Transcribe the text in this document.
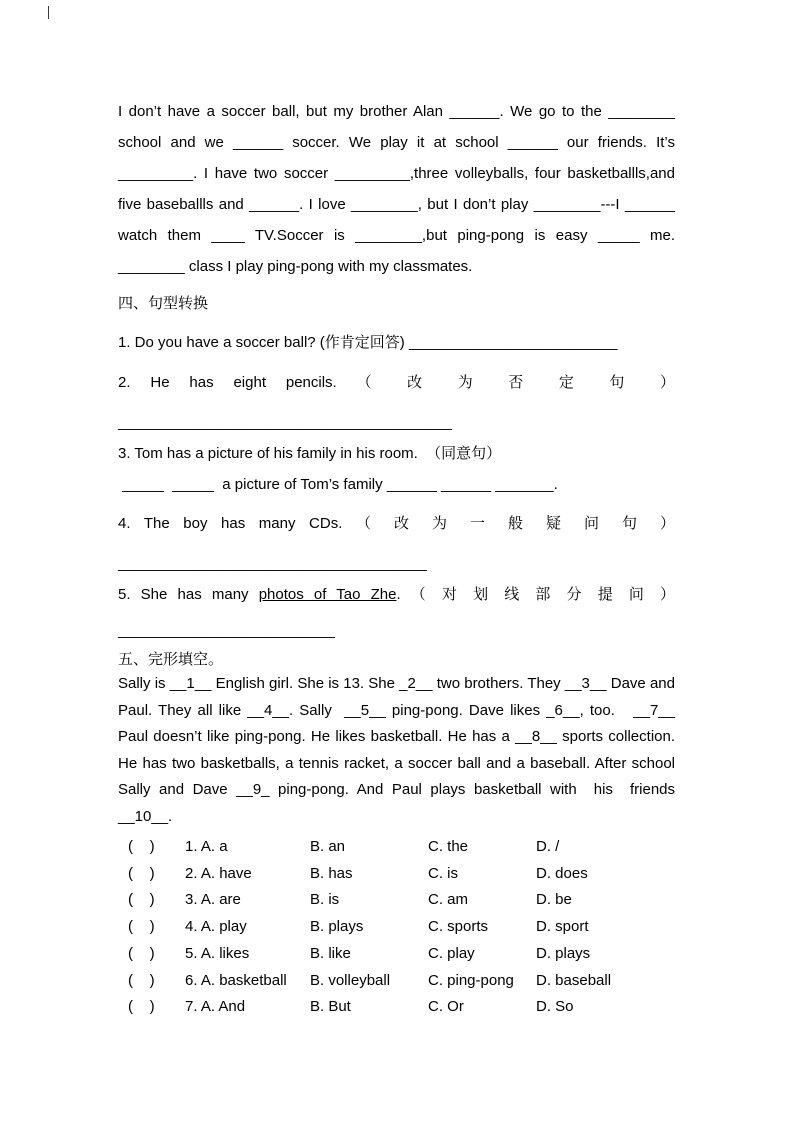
I don’t have a soccer ball, but my brother Alan ______. We go to the ________ school and we ______ soccer. We play it at school ______ our friends. It’s _________. I have two soccer _________,three volleyballs, four basketballls,and five baseballls and ______. I love ________, but I don’t play ________---I ______ watch them ____ TV.Soccer is ________,but ping-pong is easy _____ me. ________ class I play ping-pong with my classmates.

四、句型转换

1. Do you have a soccer ball? (作肯定回答) _________________________

2. He has eight pencils. （ 改 为 否 定 句 ）

________________________________________

3. Tom has a picture of his family in his room.  （同意句）

_____  _____  a picture of Tom’s family ______ ______ _______.

4. The boy has many CDs. （ 改 为 一 般 疑 问 句 ）

_____________________________________

5. She has many photos of Tao Zhe. （ 对 划 线 部 分 提 问 ）

__________________________

五、完形填空。

Sally is __1__ English girl. She is 13. She _2__ two brothers. They __3__ Dave and Paul. They all like __4__. Sally  __5__ ping-pong. Dave likes _6__, too.   __7__ Paul doesn’t like ping-pong. He likes basketball. He has a __8__ sports collection. He has two basketballs, a tennis racket, a soccer ball and a baseball. After school Sally and Dave __9_ ping-pong. And Paul plays basketball with  his  friends __10__.

(    )	1. A. a	B. an	C. the	D. /
(    )	2. A. have	B. has	C. is	D. does
(    )	3. A. are	B. is	C. am	D. be
(    )	4. A. play	B. plays	C. sports	D. sport
(    )	5. A. likes	B. like	C. play	D. plays
(    )	6. A. basketball	B. volleyball	C. ping-pong	D. baseball
(    )	7. A. And	B. But	C. Or	D. So
